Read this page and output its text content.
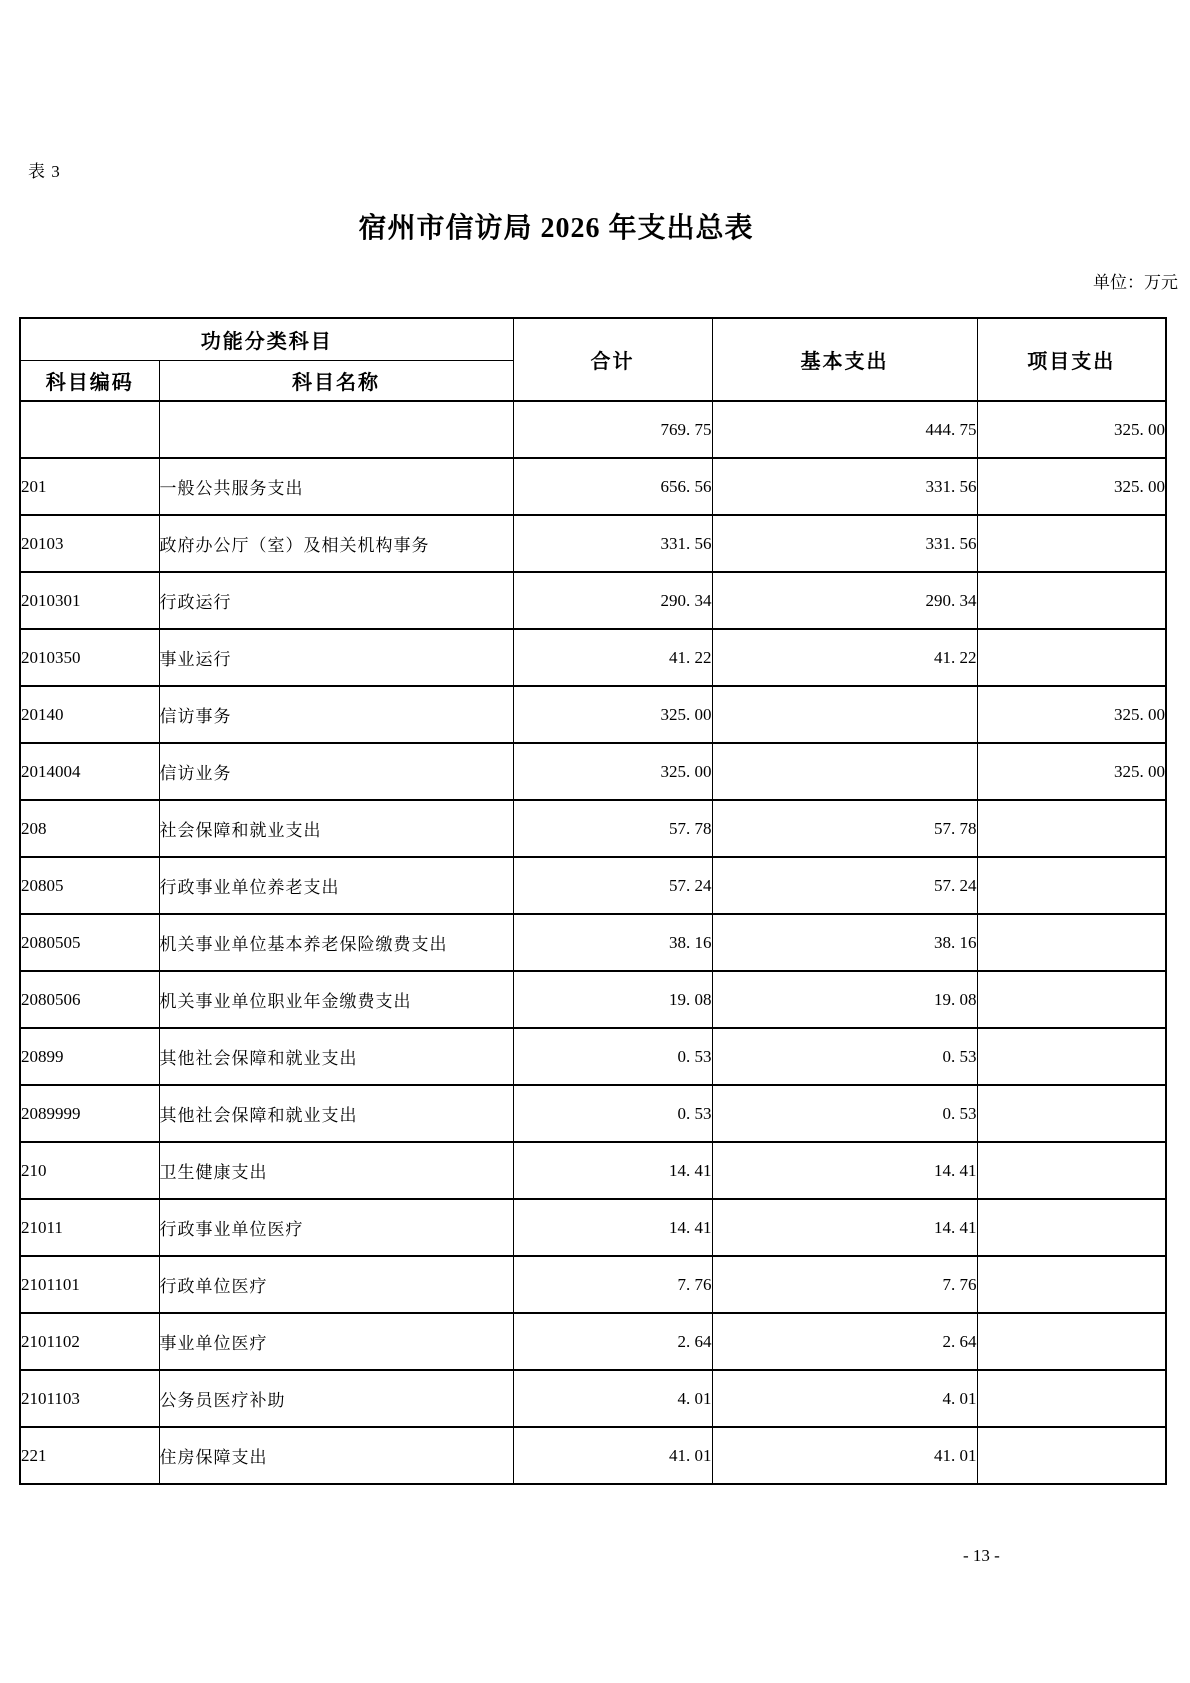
表 3
宿州市信访局 2026 年支出总表
单位：万元
功能分类科目		合计	基本支出	项目支出
科目编码	科目名称			
		769. 75	444. 75	325. 00
201	一般公共服务支出	656. 56	331. 56	325. 00
20103	政府办公厅（室）及相关机构事务	331. 56	331. 56	
2010301	行政运行	290. 34	290. 34	
2010350	事业运行	41. 22	41. 22	
20140	信访事务	325. 00		325. 00
2014004	信访业务	325. 00		325. 00
208	社会保障和就业支出	57. 78	57. 78	
20805	行政事业单位养老支出	57. 24	57. 24	
2080505	机关事业单位基本养老保险缴费支出	38. 16	38. 16	
2080506	机关事业单位职业年金缴费支出	19. 08	19. 08	
20899	其他社会保障和就业支出	0. 53	0. 53	
2089999	其他社会保障和就业支出	0. 53	0. 53	
210	卫生健康支出	14. 41	14. 41	
21011	行政事业单位医疗	14. 41	14. 41	
2101101	行政单位医疗	7. 76	7. 76	
2101102	事业单位医疗	2. 64	2. 64	
2101103	公务员医疗补助	4. 01	4. 01	
221	住房保障支出	41. 01	41. 01	
- 13 -
